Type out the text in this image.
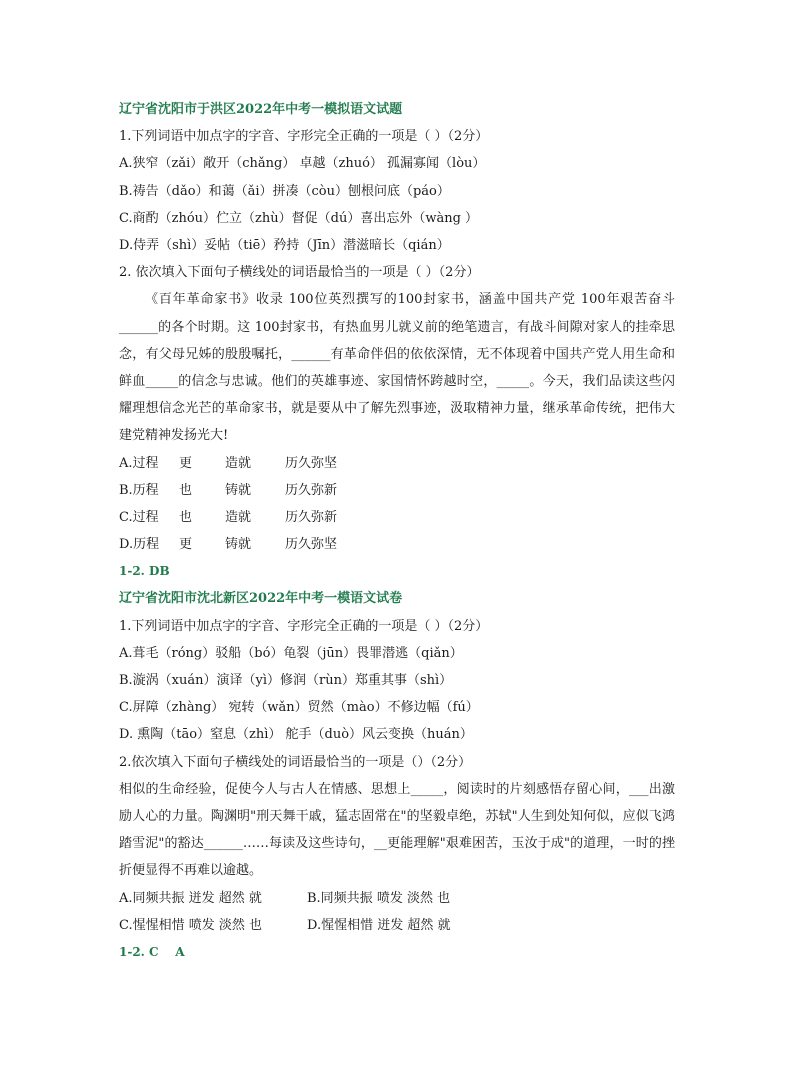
辽宁省沈阳市于洪区2022年中考一模拟语文试题
1.下列词语中加点字的字音、字形完全正确的一项是（ ）（2分）
A.狭窄（zǎi）敞开（chǎng） 卓越（zhuó） 孤漏寡闻（lòu）
B.祷告（dǎo）和蔼（ǎi）拼凑（còu）刨根问底（páo）
C.商酌（zhóu）伫立（zhù）督促（dú）喜出忘外（wàng ）
D.侍弄（shì）妥帖（tiē）矜持（Jīn）潜滋暗长（qián）
2. 依次填入下面句子横线处的词语最恰当的一项是（ ）（2分）
《百年革命家书》收录 100位英烈撰写的100封家书，涵盖中国共产党 100年艰苦奋斗______的各个时期。这 100封家书，有热血男儿就义前的绝笔遗言，有战斗间隙对家人的挂牵思念，有父母兄姊的殷殷嘱托，______有革命伴侣的依依深情，无不体现着中国共产党人用生命和鲜血_____的信念与忠诚。他们的英雄事迹、家国情怀跨越时空，_____。今天，我们品读这些闪耀理想信念光芒的革命家书，就是要从中了解先烈事迹，汲取精神力量，继承革命传统，把伟大建党精神发扬光大!
A.过程 更	造就	历久弥坚
B.历程 也	铸就	历久弥新
C.过程 也	造就	历久弥新
D.历程 更	铸就	历久弥坚
1-2. DB
辽宁省沈阳市沈北新区2022年中考一模语文试卷
1.下列词语中加点字的字音、字形完全正确的一项是（ ）（2分）
A.葺毛（róng）驳船（bó）龟裂（jūn）畏罪潜逃（qiǎn）
B.漩涡（xuán）演译（yì）修润（rùn）郑重其事（shì）
C.屏障（zhàng） 宛转（wǎn）贸然（mào）不修边幅（fú）
D. 熏陶（tāo）窒息（zhì） 舵手（duò）风云变换（huán）
2.依次填入下面句子横线处的词语最恰当的一项是（）（2分）
相似的生命经验，促使今人与古人在情感、思想上_____，阅读时的片刻感悟存留心间，___出激励人心的力量。陶渊明"刑天舞干戚，猛志固常在"的坚毅卓绝，苏轼"人生到处知何似，应似飞鸿踏雪泥"的豁达______……每读及这些诗句，__更能理解"艰难困苦，玉汝于成"的道理，一时的挫折便显得不再难以逾越。
A.同频共振 迸发 超然 就	B.同频共振 喷发 淡然 也
C.惺惺相惜 喷发 淡然 也	D.惺惺相惜 迸发 超然 就
1-2. C    A
